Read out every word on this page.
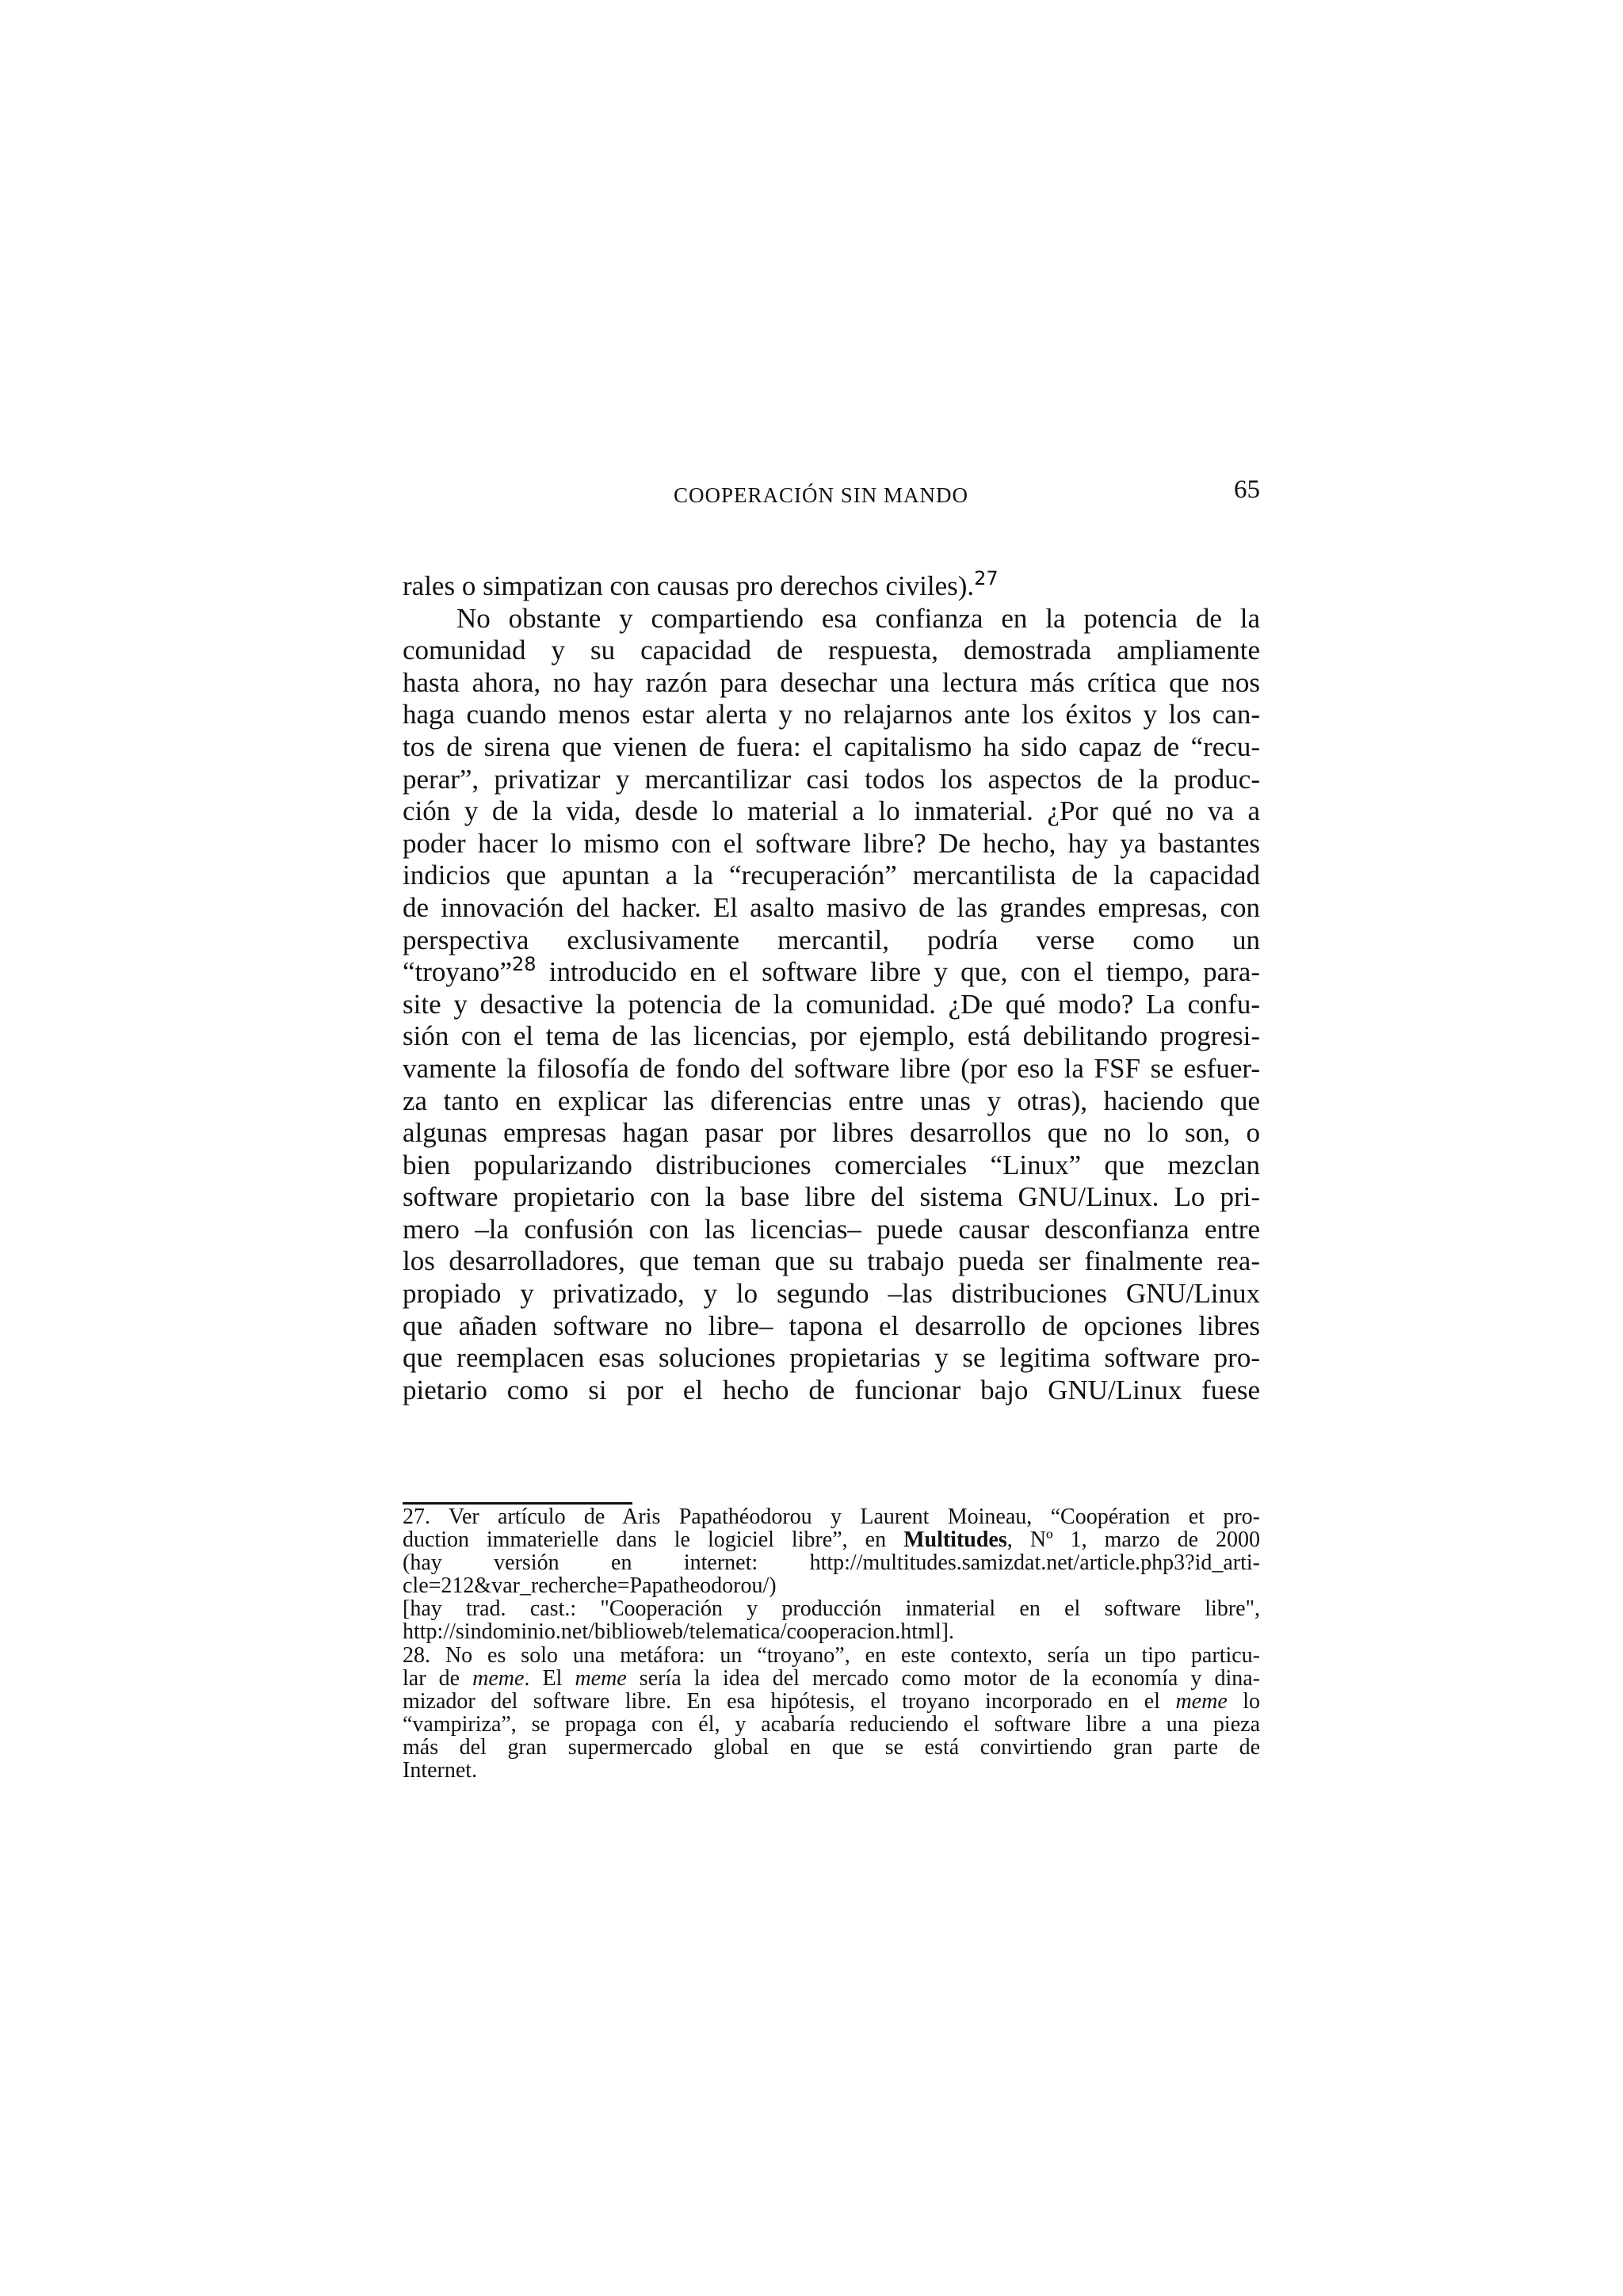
COOPERACIÓN SIN MANDO	65
rales o simpatizan con causas pro derechos civiles).$^{27}$
No obstante y compartiendo esa confianza en la potencia de la
comunidad y su capacidad de respuesta, demostrada ampliamente
hasta ahora, no hay razón para desechar una lectura más crítica que nos
haga cuando menos estar alerta y no relajarnos ante los éxitos y los can-
tos de sirena que vienen de fuera: el capitalismo ha sido capaz de “recu-
perar”, privatizar y mercantilizar casi todos los aspectos de la produc-
ción y de la vida, desde lo material a lo inmaterial. ¿Por qué no va a
poder hacer lo mismo con el software libre? De hecho, hay ya bastantes
indicios que apuntan a la “recuperación” mercantilista de la capacidad
de innovación del hacker. El asalto masivo de las grandes empresas, con
perspectiva exclusivamente mercantil, podría verse como un
“troyano”$^{28}$ introducido en el software libre y que, con el tiempo, para-
site y desactive la potencia de la comunidad. ¿De qué modo? La confu-
sión con el tema de las licencias, por ejemplo, está debilitando progresi-
vamente la filosofía de fondo del software libre (por eso la FSF se esfuer-
za tanto en explicar las diferencias entre unas y otras), haciendo que
algunas empresas hagan pasar por libres desarrollos que no lo son, o
bien popularizando distribuciones comerciales “Linux” que mezclan
software propietario con la base libre del sistema GNU/Linux. Lo pri-
mero –la confusión con las licencias– puede causar desconfianza entre
los desarrolladores, que teman que su trabajo pueda ser finalmente rea-
propiado y privatizado, y lo segundo –las distribuciones GNU/Linux
que añaden software no libre– tapona el desarrollo de opciones libres
que reemplacen esas soluciones propietarias y se legitima software pro-
pietario como si por el hecho de funcionar bajo GNU/Linux fuese
27. Ver artículo de Aris Papathéodorou y Laurent Moineau, “Coopération et pro-
duction immaterielle dans le logiciel libre”, en Multitudes, Nº 1, marzo de 2000
(hay versión en internet: http://multitudes.samizdat.net/article.php3?id_arti-
cle=212&var_recherche=Papatheodorou/)
[hay trad. cast.: "Cooperación y producción inmaterial en el software libre",
http://sindominio.net/biblioweb/telematica/cooperacion.html].
28. No es solo una metáfora: un “troyano”, en este contexto, sería un tipo particu-
lar de meme. El meme sería la idea del mercado como motor de la economía y dina-
mizador del software libre. En esa hipótesis, el troyano incorporado en el meme lo
“vampiriza”, se propaga con él, y acabaría reduciendo el software libre a una pieza
más del gran supermercado global en que se está convirtiendo gran parte de
Internet.
